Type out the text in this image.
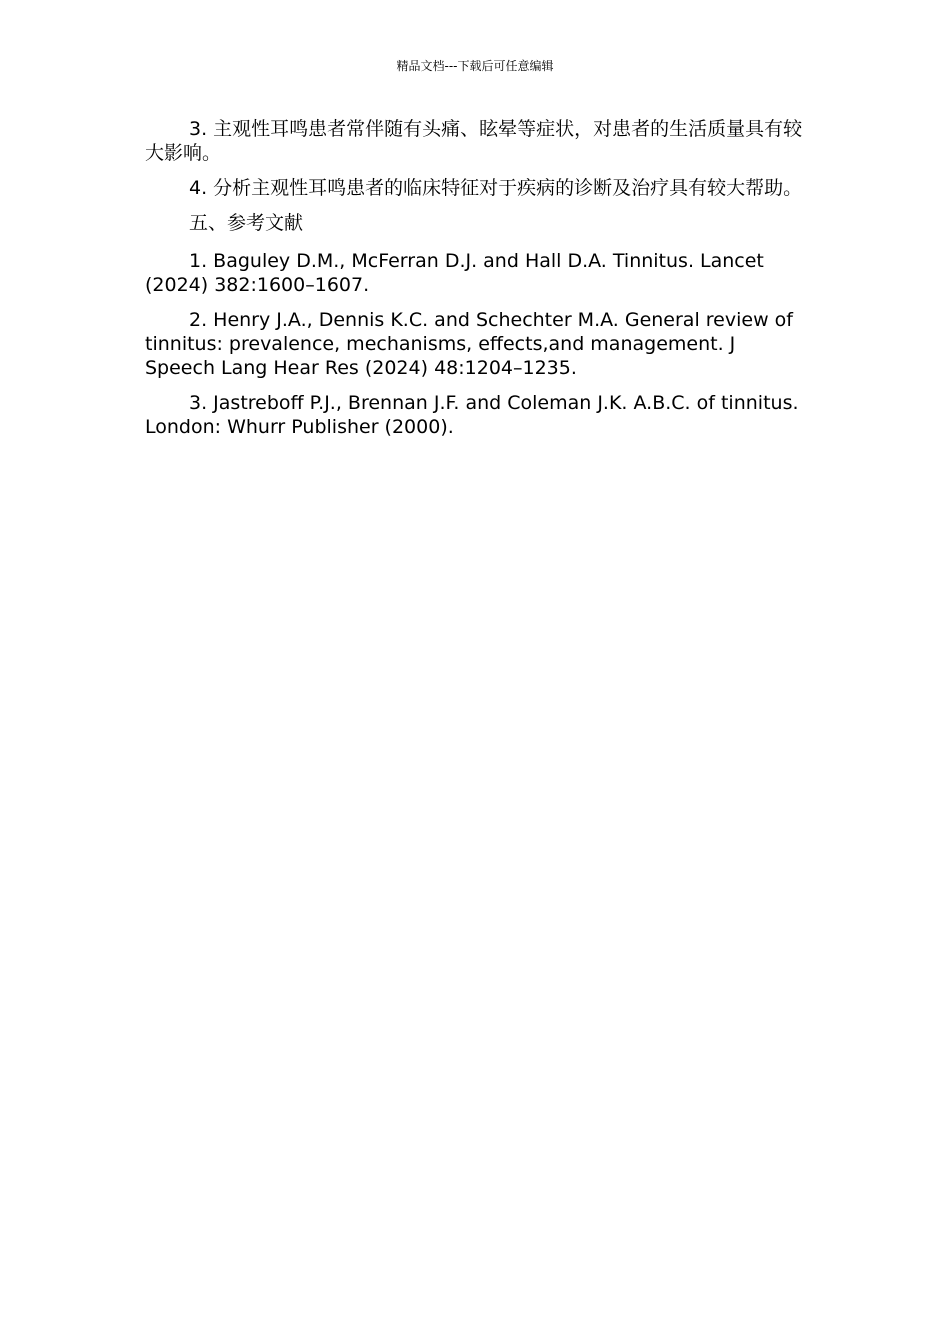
精品文档---下载后可任意编辑

3. 主观性耳鸣患者常伴随有头痛、眩晕等症状，对患者的生活质量具有较大影响。

4. 分析主观性耳鸣患者的临床特征对于疾病的诊断及治疗具有较大帮助。

五、参考文献

1. Baguley D.M., McFerran D.J. and Hall D.A. Tinnitus. Lancet (2024) 382:1600–1607.

2. Henry J.A., Dennis K.C. and Schechter M.A. General review of tinnitus: prevalence, mechanisms, effects,and management. J Speech Lang Hear Res (2024) 48:1204–1235.

3. Jastreboff P.J., Brennan J.F. and Coleman J.K. A.B.C. of tinnitus. London: Whurr Publisher (2000).
